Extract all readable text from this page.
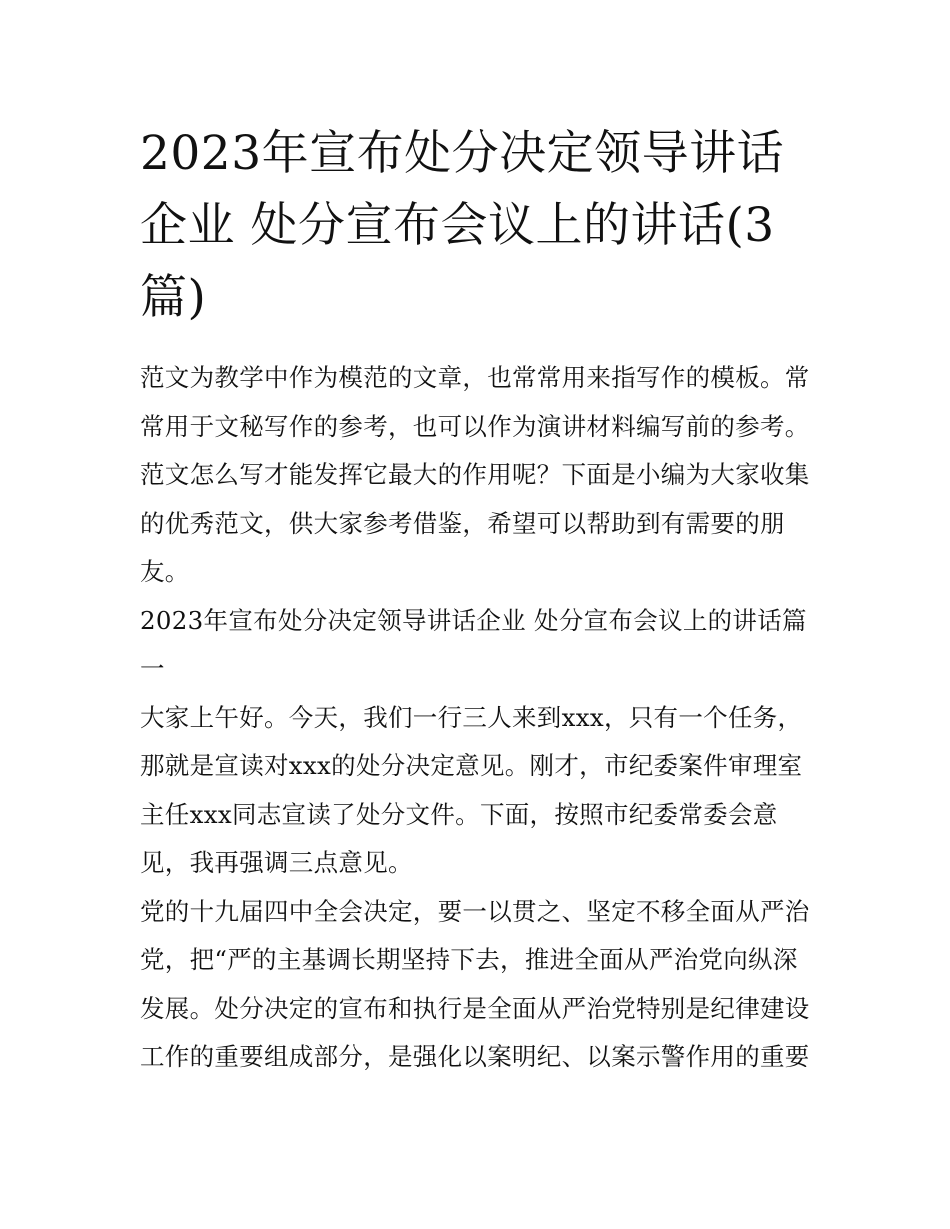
2023年宣布处分决定领导讲话企业 处分宣布会议上的讲话(3篇)

范文为教学中作为模范的文章，也常常用来指写作的模板。常常用于文秘写作的参考，也可以作为演讲材料编写前的参考。范文怎么写才能发挥它最大的作用呢？下面是小编为大家收集的优秀范文，供大家参考借鉴，希望可以帮助到有需要的朋友。

2023年宣布处分决定领导讲话企业 处分宣布会议上的讲话篇一

大家上午好。今天，我们一行三人来到xxx，只有一个任务，那就是宣读对xxx的处分决定意见。刚才，市纪委案件审理室主任xxx同志宣读了处分文件。下面，按照市纪委常委会意见，我再强调三点意见。

党的十九届四中全会决定，要一以贯之、坚定不移全面从严治党，把“严的主基调长期坚持下去，推进全面从严治党向纵深发展。处分决定的宣布和执行是全面从严治党特别是纪律建设工作的重要组成部分，是强化以案明纪、以案示警作用的重要
